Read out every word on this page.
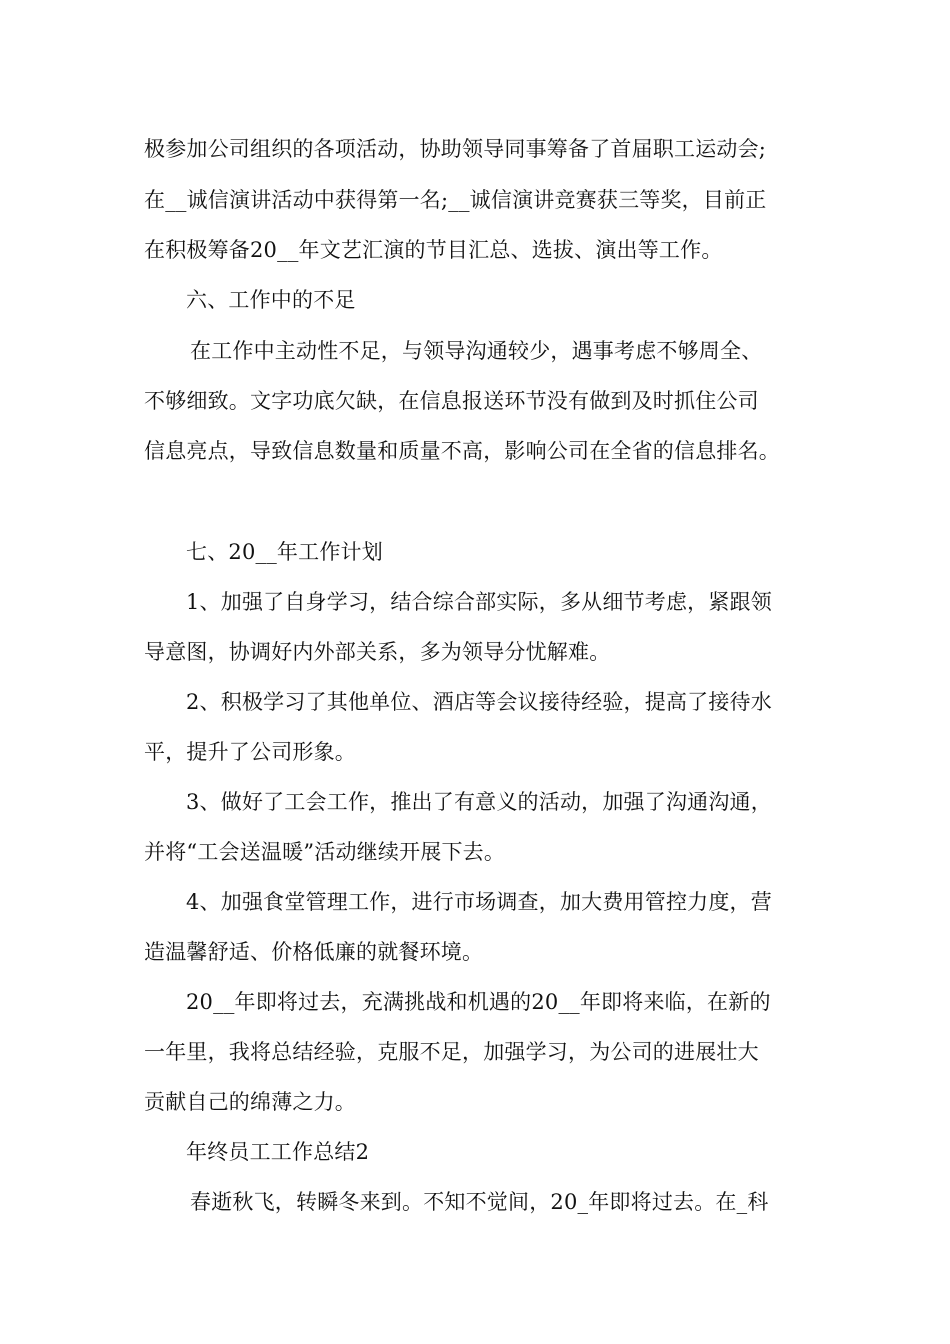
极参加公司组织的各项活动，协助领导同事筹备了首届职工运动会;
在__诚信演讲活动中获得第一名;__诚信演讲竞赛获三等奖，目前正
在积极筹备20__年文艺汇演的节目汇总、选拔、演出等工作。
六、工作中的不足
在工作中主动性不足，与领导沟通较少，遇事考虑不够周全、
不够细致。文字功底欠缺，在信息报送环节没有做到及时抓住公司
信息亮点，导致信息数量和质量不高，影响公司在全省的信息排名。
七、20__年工作计划
1、加强了自身学习，结合综合部实际，多从细节考虑，紧跟领
导意图，协调好内外部关系，多为领导分忧解难。
2、积极学习了其他单位、酒店等会议接待经验，提高了接待水
平，提升了公司形象。
3、做好了工会工作，推出了有意义的活动，加强了沟通沟通，
并将“工会送温暖”活动继续开展下去。
4、加强食堂管理工作，进行市场调查，加大费用管控力度，营
造温馨舒适、价格低廉的就餐环境。
20__年即将过去，充满挑战和机遇的20__年即将来临，在新的
一年里，我将总结经验，克服不足，加强学习，为公司的进展壮大
贡献自己的绵薄之力。
年终员工工作总结2
春逝秋飞，转瞬冬来到。不知不觉间，20_年即将过去。在_科
